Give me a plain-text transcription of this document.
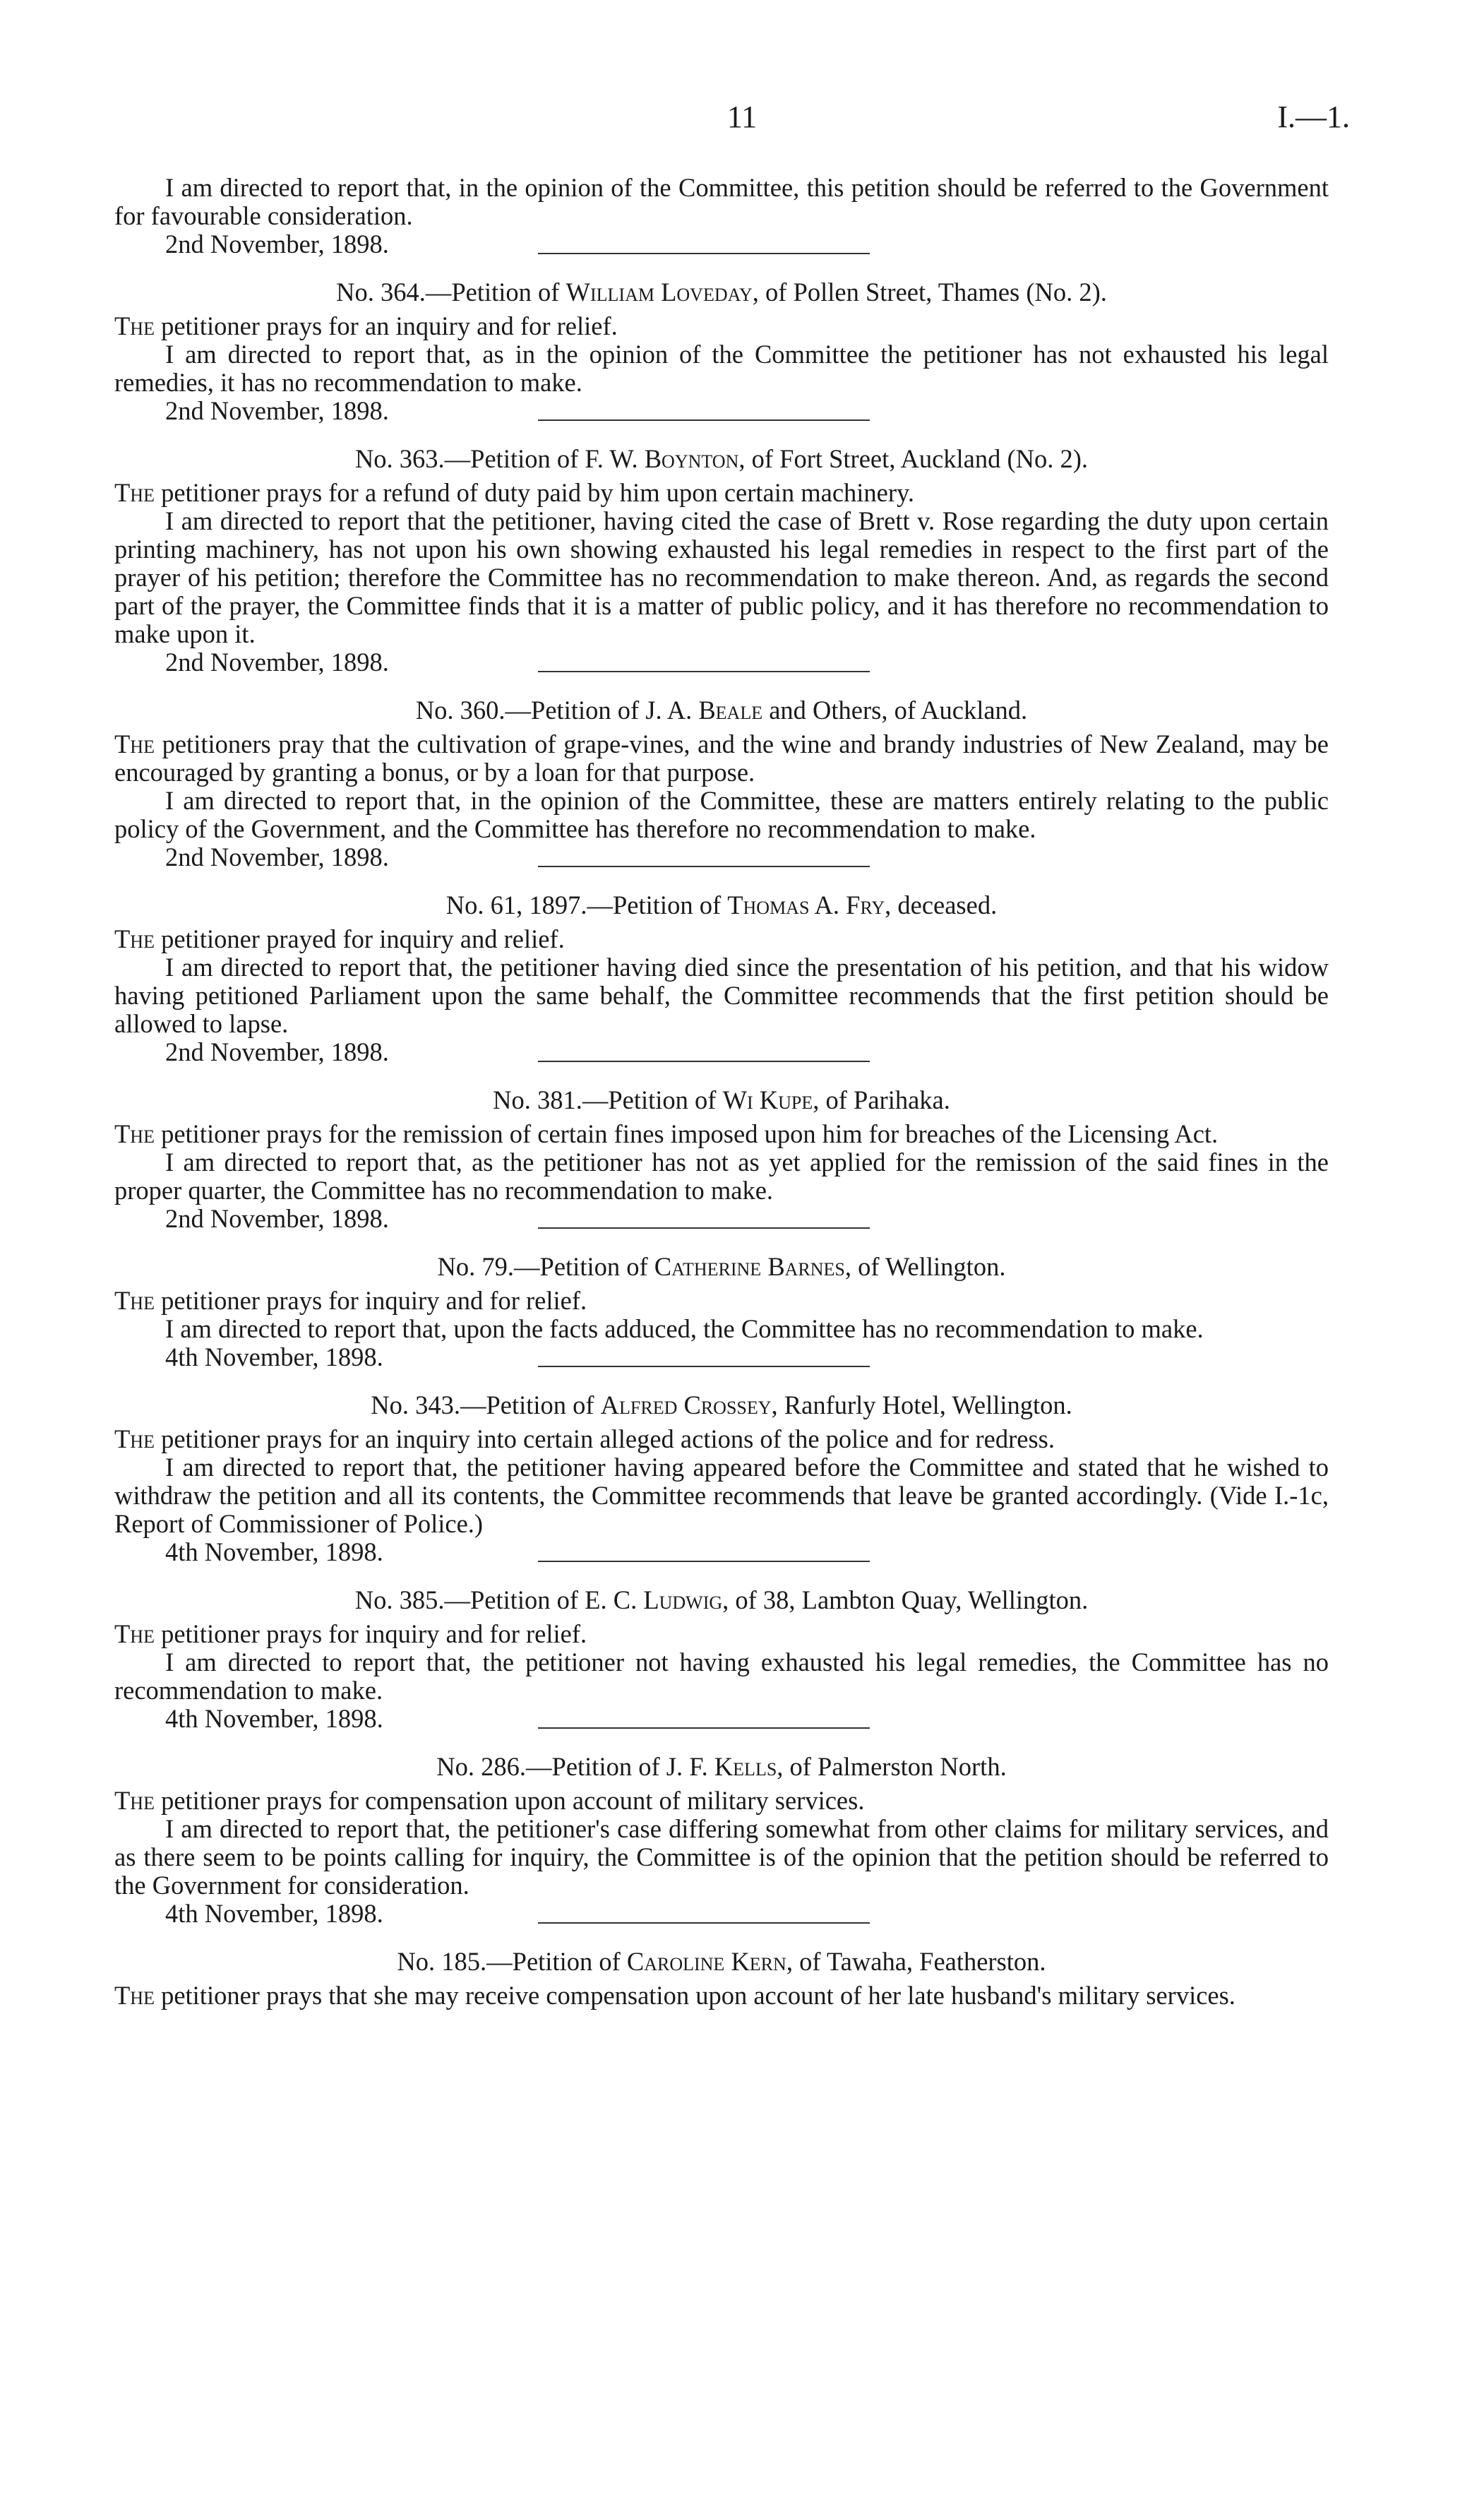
11	I.—1.

I am directed to report that, in the opinion of the Committee, this petition should be referred to the Government for favourable consideration.

2nd November, 1898.

No. 364.—Petition of William Loveday, of Pollen Street, Thames (No. 2).

The petitioner prays for an inquiry and for relief.

I am directed to report that, as in the opinion of the Committee the petitioner has not exhausted his legal remedies, it has no recommendation to make.

2nd November, 1898.

No. 363.—Petition of F. W. Boynton, of Fort Street, Auckland (No. 2).

The petitioner prays for a refund of duty paid by him upon certain machinery.

I am directed to report that the petitioner, having cited the case of Brett v. Rose regarding the duty upon certain printing machinery, has not upon his own showing exhausted his legal remedies in respect to the first part of the prayer of his petition; therefore the Committee has no recommendation to make thereon. And, as regards the second part of the prayer, the Committee finds that it is a matter of public policy, and it has therefore no recommendation to make upon it.

2nd November, 1898.

No. 360.—Petition of J. A. Beale and Others, of Auckland.

The petitioners pray that the cultivation of grape-vines, and the wine and brandy industries of New Zealand, may be encouraged by granting a bonus, or by a loan for that purpose.

I am directed to report that, in the opinion of the Committee, these are matters entirely relating to the public policy of the Government, and the Committee has therefore no recommendation to make.

2nd November, 1898.

No. 61, 1897.—Petition of Thomas A. Fry, deceased.

The petitioner prayed for inquiry and relief.

I am directed to report that, the petitioner having died since the presentation of his petition, and that his widow having petitioned Parliament upon the same behalf, the Committee recommends that the first petition should be allowed to lapse.

2nd November, 1898.

No. 381.—Petition of Wi Kupe, of Parihaka.

The petitioner prays for the remission of certain fines imposed upon him for breaches of the Licensing Act.

I am directed to report that, as the petitioner has not as yet applied for the remission of the said fines in the proper quarter, the Committee has no recommendation to make.

2nd November, 1898.

No. 79.—Petition of Catherine Barnes, of Wellington.

The petitioner prays for inquiry and for relief.

I am directed to report that, upon the facts adduced, the Committee has no recommendation to make.

4th November, 1898.

No. 343.—Petition of Alfred Crossey, Ranfurly Hotel, Wellington.

The petitioner prays for an inquiry into certain alleged actions of the police and for redress.

I am directed to report that, the petitioner having appeared before the Committee and stated that he wished to withdraw the petition and all its contents, the Committee recommends that leave be granted accordingly. (Vide I.-1c, Report of Commissioner of Police.)

4th November, 1898.

No. 385.—Petition of E. C. Ludwig, of 38, Lambton Quay, Wellington.

The petitioner prays for inquiry and for relief.

I am directed to report that, the petitioner not having exhausted his legal remedies, the Committee has no recommendation to make.

4th November, 1898.

No. 286.—Petition of J. F. Kells, of Palmerston North.

The petitioner prays for compensation upon account of military services.

I am directed to report that, the petitioner's case differing somewhat from other claims for military services, and as there seem to be points calling for inquiry, the Committee is of the opinion that the petition should be referred to the Government for consideration.

4th November, 1898.

No. 185.—Petition of Caroline Kern, of Tawaha, Featherston.

The petitioner prays that she may receive compensation upon account of her late husband's military services.
